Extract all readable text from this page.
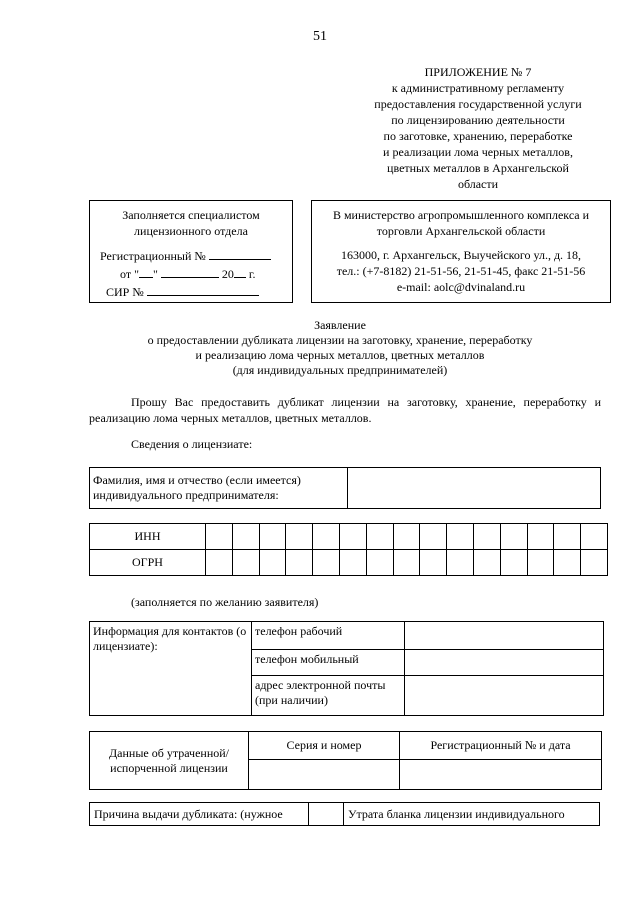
51
ПРИЛОЖЕНИЕ № 7
к административному регламенту
предоставления государственной услуги
по лицензированию деятельности
по заготовке, хранению, переработке
и реализации лома черных металлов,
цветных металлов в Архангельской
области
Заполняется специалистом
лицензионного отдела
Регистрационный №
от " "	20 г.
СИР №
В министерство агропромышленного комплекса и
торговли Архангельской области
163000, г. Архангельск, Выучейского ул., д. 18,
тел.: (+7-8182) 21-51-56, 21-51-45, факс 21-51-56
e-mail: aolc@dvinaland.ru
Заявление
о предоставлении дубликата лицензии на заготовку, хранение, переработку
и реализацию лома черных металлов, цветных металлов
(для индивидуальных предпринимателей)
Прошу Вас предоставить дубликат лицензии на заготовку, хранение, переработку и реализацию лома черных металлов, цветных металлов.
Сведения о лицензиате:
Фамилия, имя и отчество (если имеется) индивидуального предпринимателя:	
ИНН															
ОГРН															
(заполняется по желанию заявителя)
Информация для контактов (о лицензиате):	телефон рабочий	
	телефон мобильный	
	адрес электронной почты (при наличии)	
Данные об утраченной/испорченной лицензии	Серия и номер	Регистрационный № и дата

Причина выдачи дубликата: (нужное		Утрата бланка лицензии индивидуального
